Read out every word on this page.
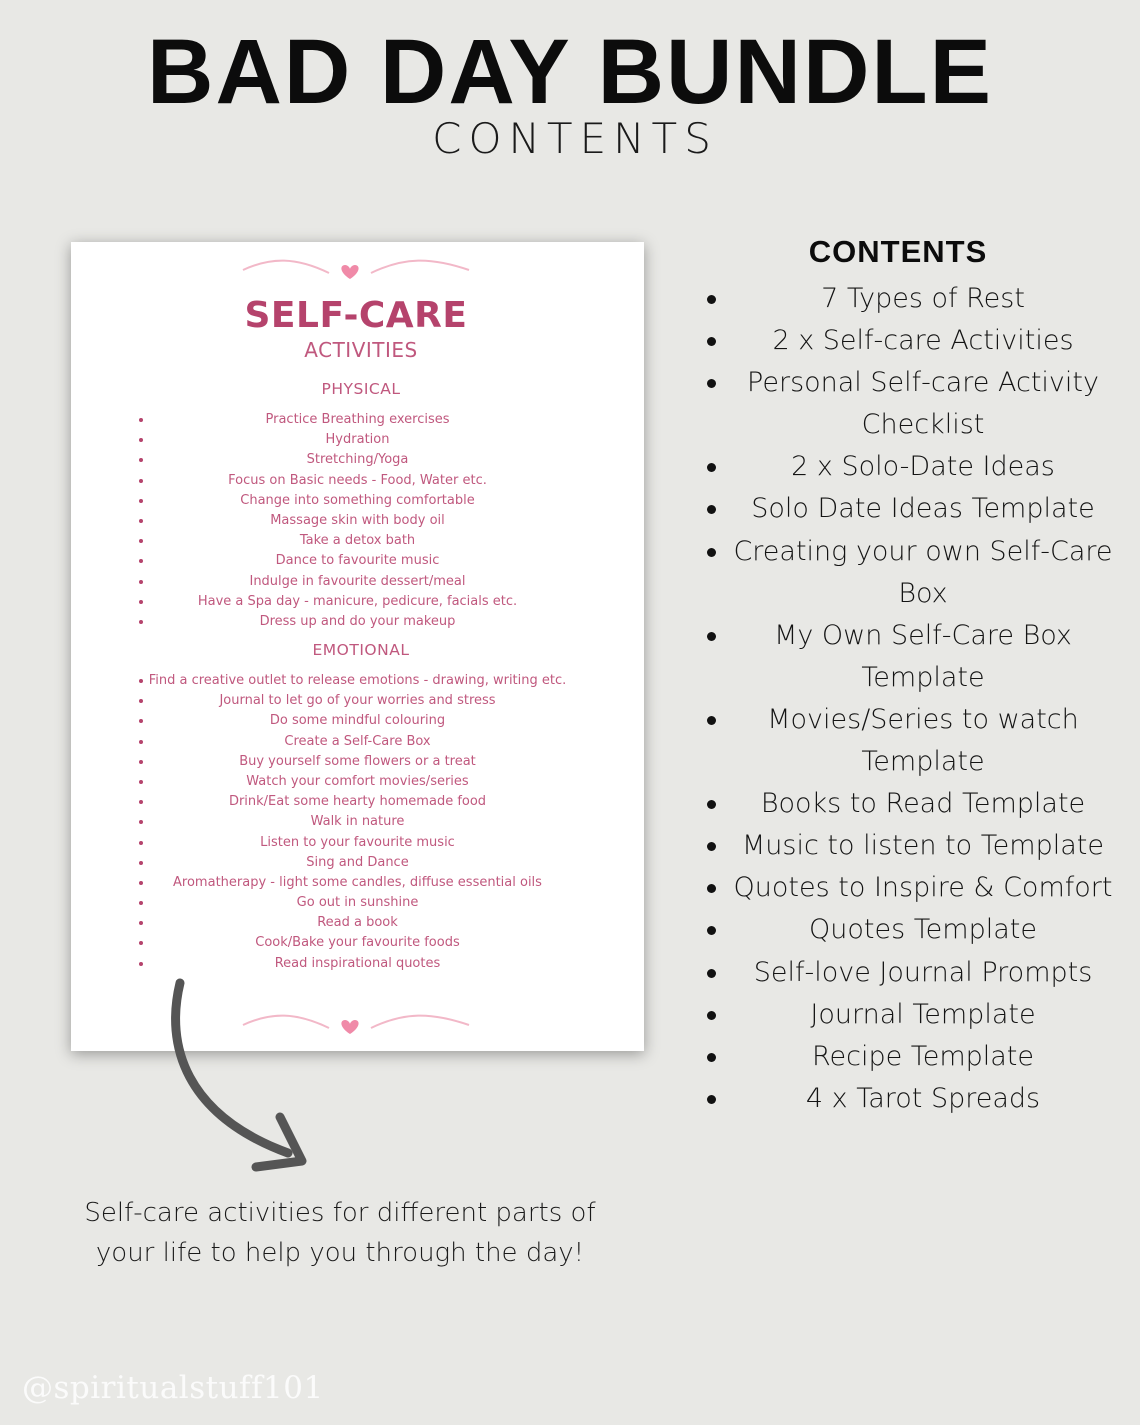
BAD DAY BUNDLE
CONTENTS
SELF-CARE
ACTIVITIES
PHYSICAL
Practice Breathing exercises
Hydration
Stretching/Yoga
Focus on Basic needs - Food, Water etc.
Change into something comfortable
Massage skin with body oil
Take a detox bath
Dance to favourite music
Indulge in favourite dessert/meal
Have a Spa day - manicure, pedicure, facials etc.
Dress up and do your makeup
EMOTIONAL
Find a creative outlet to release emotions - drawing, writing etc.
Journal to let go of your worries and stress
Do some mindful colouring
Create a Self-Care Box
Buy yourself some flowers or a treat
Watch your comfort movies/series
Drink/Eat some hearty homemade food
Walk in nature
Listen to your favourite music
Sing and Dance
Aromatherapy - light some candles, diffuse essential oils
Go out in sunshine
Read a book
Cook/Bake your favourite foods
Read inspirational quotes
Self-care activities for different parts of
your life to help you through the day!
@spiritualstuff101
CONTENTS
7 Types of Rest
2 x Self-care Activities
Personal Self-care Activity Checklist
2 x Solo-Date Ideas
Solo Date Ideas Template
Creating your own Self-Care Box
My Own Self-Care Box Template
Movies/Series to watch Template
Books to Read Template
Music to listen to Template
Quotes to Inspire & Comfort
Quotes Template
Self-love Journal Prompts
Journal Template
Recipe Template
4 x Tarot Spreads
